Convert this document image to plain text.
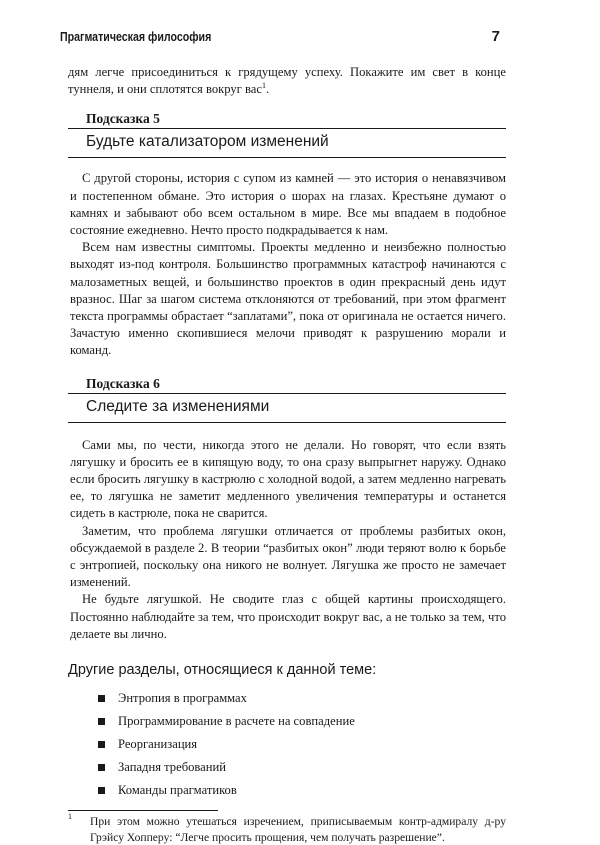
Прагматическая философия	7

дям легче присоединиться к грядущему успеху. Покажите им свет в конце туннеля, и они сплотятся вокруг вас$^1$.

Подсказка 5
Будьте катализатором изменений

С другой стороны, история с супом из камней — это история о ненавязчивом и постепенном обмане. Это история о шорах на глазах. Крестьяне думают о камнях и забывают обо всем остальном в мире. Все мы впадаем в подобное состояние ежедневно. Нечто просто подкрадывается к нам.

Всем нам известны симптомы. Проекты медленно и неизбежно полностью выходят из-под контроля. Большинство программных катастроф начинаются с малозаметных вещей, и большинство проектов в один прекрасный день идут вразнос. Шаг за шагом система отклоняются от требований, при этом фрагмент текста программы обрастает “заплатами”, пока от оригинала не остается ничего. Зачастую именно скопившиеся мелочи приводят к разрушению морали и команд.

Подсказка 6
Следите за изменениями

Сами мы, по чести, никогда этого не делали. Но говорят, что если взять лягушку и бросить ее в кипящую воду, то она сразу выпрыгнет наружу. Однако если бросить лягушку в кастрюлю с холодной водой, а затем медленно нагревать ее, то лягушка не заметит медленного увеличения температуры и останется сидеть в кастрюле, пока не сварится.

Заметим, что проблема лягушки отличается от проблемы разбитых окон, обсуждаемой в разделе 2. В теории “разбитых окон” люди теряют волю к борьбе с энтропией, поскольку она никого не волнует. Лягушка же просто не замечает изменений.

Не будьте лягушкой. Не сводите глаз с общей картины происходящего. Постоянно наблюдайте за тем, что происходит вокруг вас, а не только за тем, что делаете вы лично.

Другие разделы, относящиеся к данной теме:
Энтропия в программах
Программирование в расчете на совпадение
Реорганизация
Западня требований
Команды прагматиков
1 При этом можно утешаться изречением, приписываемым контр-адмиралу д-ру Грэйсу Хопперу: “Легче просить прощения, чем получать разрешение”.
